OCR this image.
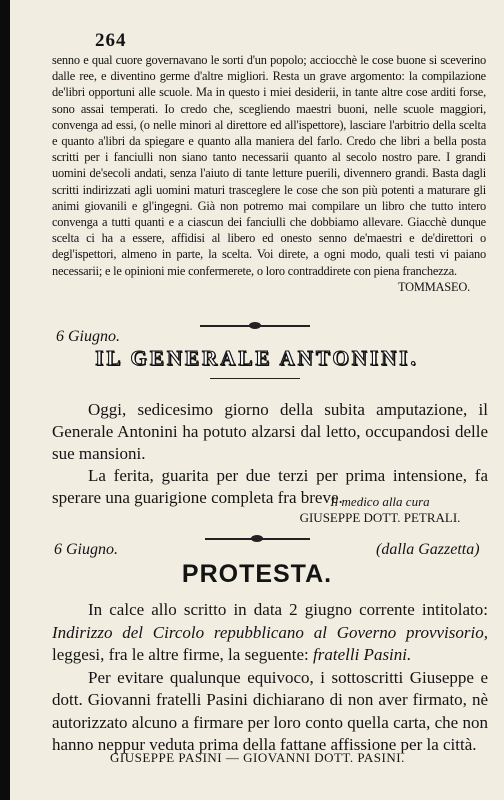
264

senno e qual cuore governavano le sorti d'un popolo; acciocchè le cose buone si sceverino dalle ree, e diventino germe d'altre migliori. Resta un grave argomento: la compilazione de'libri opportuni alle scuole. Ma in questo i miei desiderii, in tante altre cose arditi forse, sono assai temperati. Io credo che, scegliendo maestri buoni, nelle scuole maggiori, convenga ad essi, (o nelle minori al direttore ed all'ispettore), lasciare l'arbitrio della scelta e quanto a'libri da spiegare e quanto alla maniera del farlo. Credo che libri a bella posta scritti per i fanciulli non siano tanto necessarii quanto al secolo nostro pare. I grandi uomini de'secoli andati, senza l'aiuto di tante letture puerili, divennero grandi. Basta dagli scritti indirizzati agli uomini maturi trasceglere le cose che son più potenti a maturare gli animi giovanili e gl'ingegni. Già non potremo mai compilare un libro che tutto intero convenga a tutti quanti e a ciascun dei fanciulli che dobbiamo allevare. Giacchè dunque scelta ci ha a essere, affidisi al libero ed onesto senno de'maestri e de'direttori o degl'ispettori, almeno in parte, la scelta. Voi direte, a ogni modo, quali testi vi paiano necessarii; e le opinioni mie confermerete, o loro contraddirete con piena franchezza.

TOMMASEO.
6 Giugno.
IL GENERALE ANTONINI.

Oggi, sedicesimo giorno della subita amputazione, il Generale Antonini ha potuto alzarsi dal letto, occupandosi delle sue mansioni.

La ferita, guarita per due terzi per prima intensione, fa sperare una guarigione completa fra breve.

Il medico alla cura
GIUSEPPE DOTT. PETRALI.
6 Giugno.	(dalla Gazzetta)
PROTESTA.

In calce allo scritto in data 2 giugno corrente intitolato: Indirizzo del Circolo repubblicano al Governo provvisorio, leggesi, fra le altre firme, la seguente: fratelli Pasini.

Per evitare qualunque equivoco, i sottoscritti Giuseppe e dott. Giovanni fratelli Pasini dichiarano di non aver firmato, nè autorizzato alcuno a firmare per loro conto quella carta, che non hanno neppur veduta prima della fattane affissione per la città.

GIUSEPPE PASINI — GIOVANNI DOTT. PASINI.
